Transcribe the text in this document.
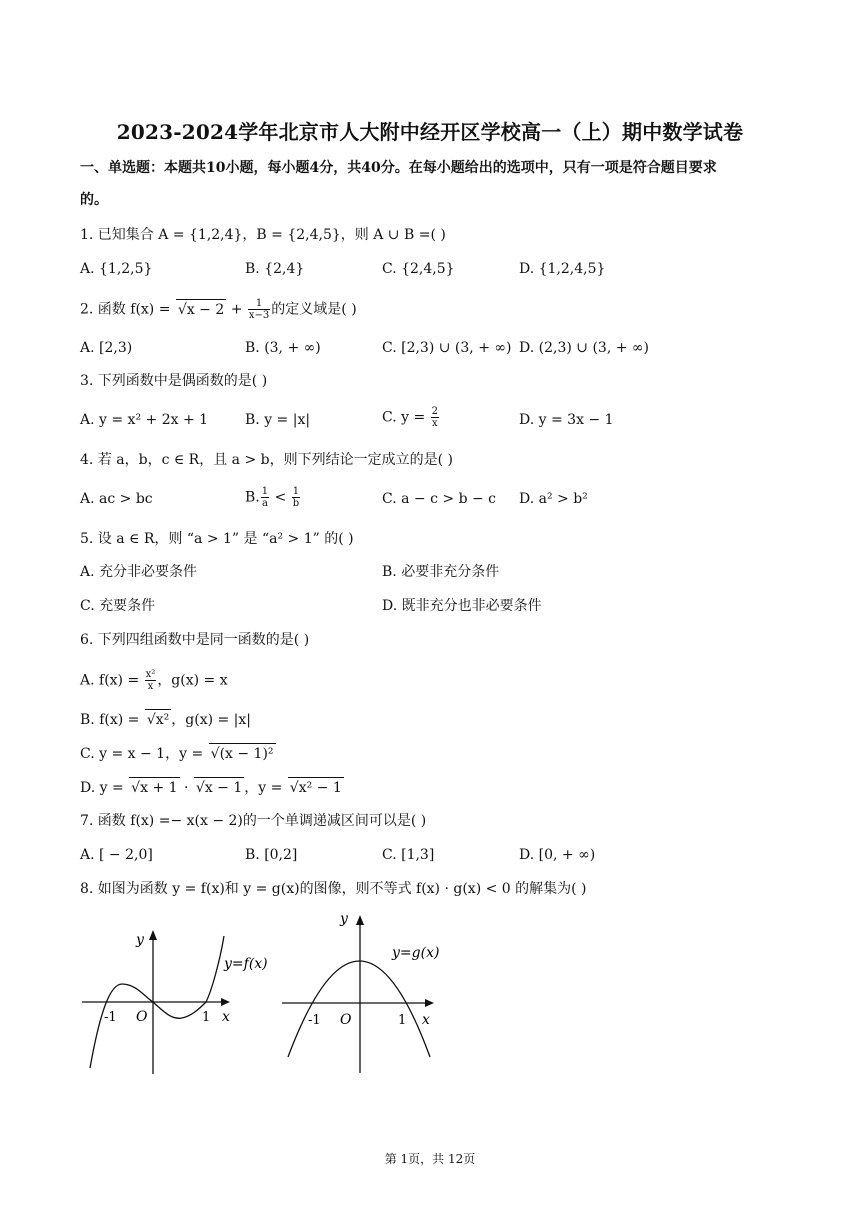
2023-2024学年北京市人大附中经开区学校高一（上）期中数学试卷
一、单选题：本题共10小题，每小题4分，共40分。在每小题给出的选项中，只有一项是符合题目要求
的。
1. 已知集合 A = {1,2,4}，B = {2,4,5}，则 A ∪ B =( )
A. {1,2,5}	B. {2,4}	C. {2,4,5}	D. {1,2,4,5}
2. 函数 $f(x) = √x - 2 + \frac{1}{x-3}$ 的定义域是( )
A. [2,3)	B. (3, + ∞)	C. [2,3) ∪ (3, + ∞) D. (2,3) ∪ (3, + ∞)
3. 下列函数中是偶函数的是( )
A. y = x² + 2x + 1	B. y = |x|	C. $y = \frac{2}{x}$	D. y = 3x − 1
4. 若 a，b，c ∈ R，且 a > b，则下列结论一定成立的是( )
A. ac > bc	B. $\frac{1}{a} < \frac{1}{b}$	C. a − c > b − c D. a² > b²
5. 设 a ∈ R，则 “a > 1” 是 “a² > 1” 的( )
A. 充分非必要条件	B. 必要非充分条件
C. 充要条件	D. 既非充分也非必要条件
6. 下列四组函数中是同一函数的是( )
A. $f(x) = \frac{\text{x²}}{x}$ ，g(x) = x
B. f(x) = √x² ，g(x) = |x|
C. y = x − 1，y = √(x − 1)²
D. y = √x + 1 · √x − 1 ，y = √x² − 1
7. 函数 f(x) =− x(x − 2)的一个单调递减区间可以是( )
A. [ − 2,0]	B. [0,2]	C. [1,3]	D. [0, + ∞)
8. 如图为函数 y = f(x)和 y = g(x)的图像，则不等式 f(x) · g(x) < 0 的解集为( )
y
y=f(x)
-1 O	1 x
y
y=g(x)
-1 O	1 x
第 1页，共 12页
